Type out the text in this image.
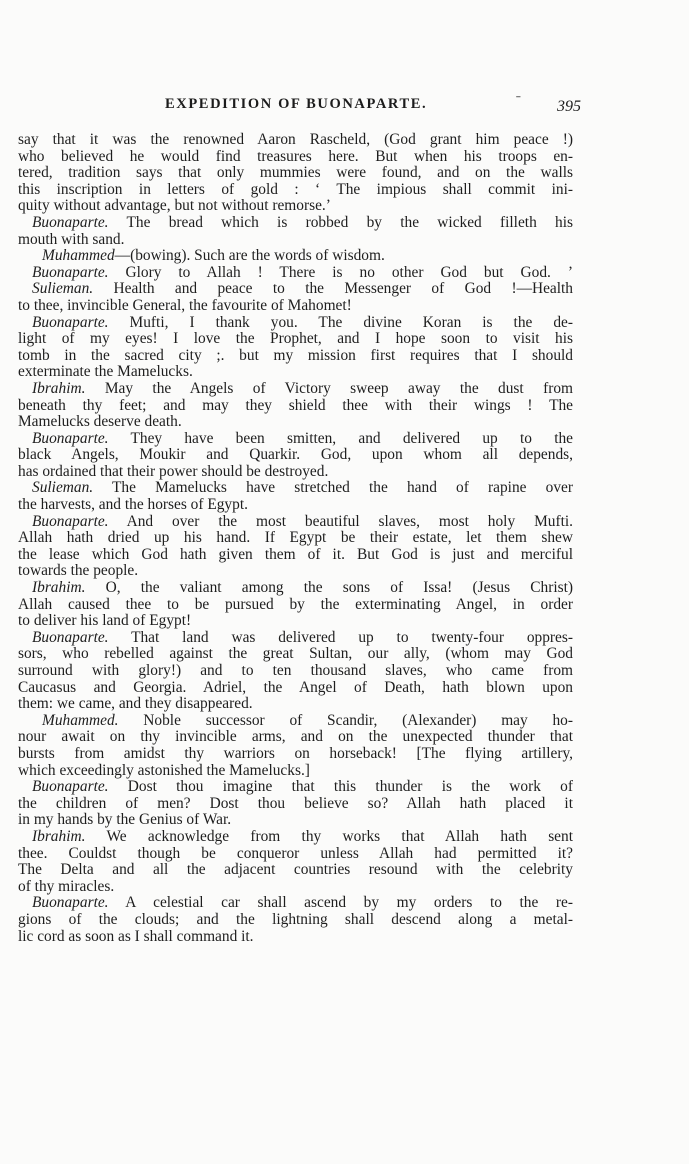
EXPEDITION OF BUONAPARTE.	ˉ 395
say that it was the renowned Aaron Rascheld, (God grant him peace !)
who believed he would find treasures here. But when his troops en-
tered, tradition says that only mummies were found, and on the walls
this inscription in letters of gold : ‘ The impious shall commit ini-
quity without advantage, but not without remorse.’
Buonaparte. The bread which is robbed by the wicked filleth his
mouth with sand.
Muhammed—(bowing). Such are the words of wisdom.
Buonaparte. Glory to Allah ! There is no other God but God. ’
Sulieman. Health and peace to the Messenger of God !—Health
to thee, invincible General, the favourite of Mahomet!
Buonaparte. Mufti, I thank you. The divine Koran is the de-
light of my eyes! I love the Prophet, and I hope soon to visit his
tomb in the sacred city ;. but my mission first requires that I should
exterminate the Mamelucks.
Ibrahim. May the Angels of Victory sweep away the dust from
beneath thy feet; and may they shield thee with their wings ! The
Mamelucks deserve death.
Buonaparte. They have been smitten, and delivered up to the
black Angels, Moukir and Quarkir. God, upon whom all depends,
has ordained that their power should be destroyed.
Sulieman. The Mamelucks have stretched the hand of rapine over
the harvests, and the horses of Egypt.
Buonaparte. And over the most beautiful slaves, most holy Mufti.
Allah hath dried up his hand. If Egypt be their estate, let them shew
the lease which God hath given them of it. But God is just and merciful
towards the people.
Ibrahim. O, the valiant among the sons of Issa! (Jesus Christ)
Allah caused thee to be pursued by the exterminating Angel, in order
to deliver his land of Egypt!
Buonaparte. That land was delivered up to twenty-four oppres-
sors, who rebelled against the great Sultan, our ally, (whom may God
surround with glory!) and to ten thousand slaves, who came from
Caucasus and Georgia. Adriel, the Angel of Death, hath blown upon
them: we came, and they disappeared.
Muhammed. Noble successor of Scandir, (Alexander) may ho-
nour await on thy invincible arms, and on the unexpected thunder that
bursts from amidst thy warriors on horseback! [The flying artillery,
which exceedingly astonished the Mamelucks.]
Buonaparte. Dost thou imagine that this thunder is the work of
the children of men? Dost thou believe so? Allah hath placed it
in my hands by the Genius of War.
Ibrahim. We acknowledge from thy works that Allah hath sent
thee. Couldst though be conqueror unless Allah had permitted it?
The Delta and all the adjacent countries resound with the celebrity
of thy miracles.
Buonaparte. A celestial car shall ascend by my orders to the re-
gions of the clouds; and the lightning shall descend along a metal-
lic cord as soon as I shall command it.
